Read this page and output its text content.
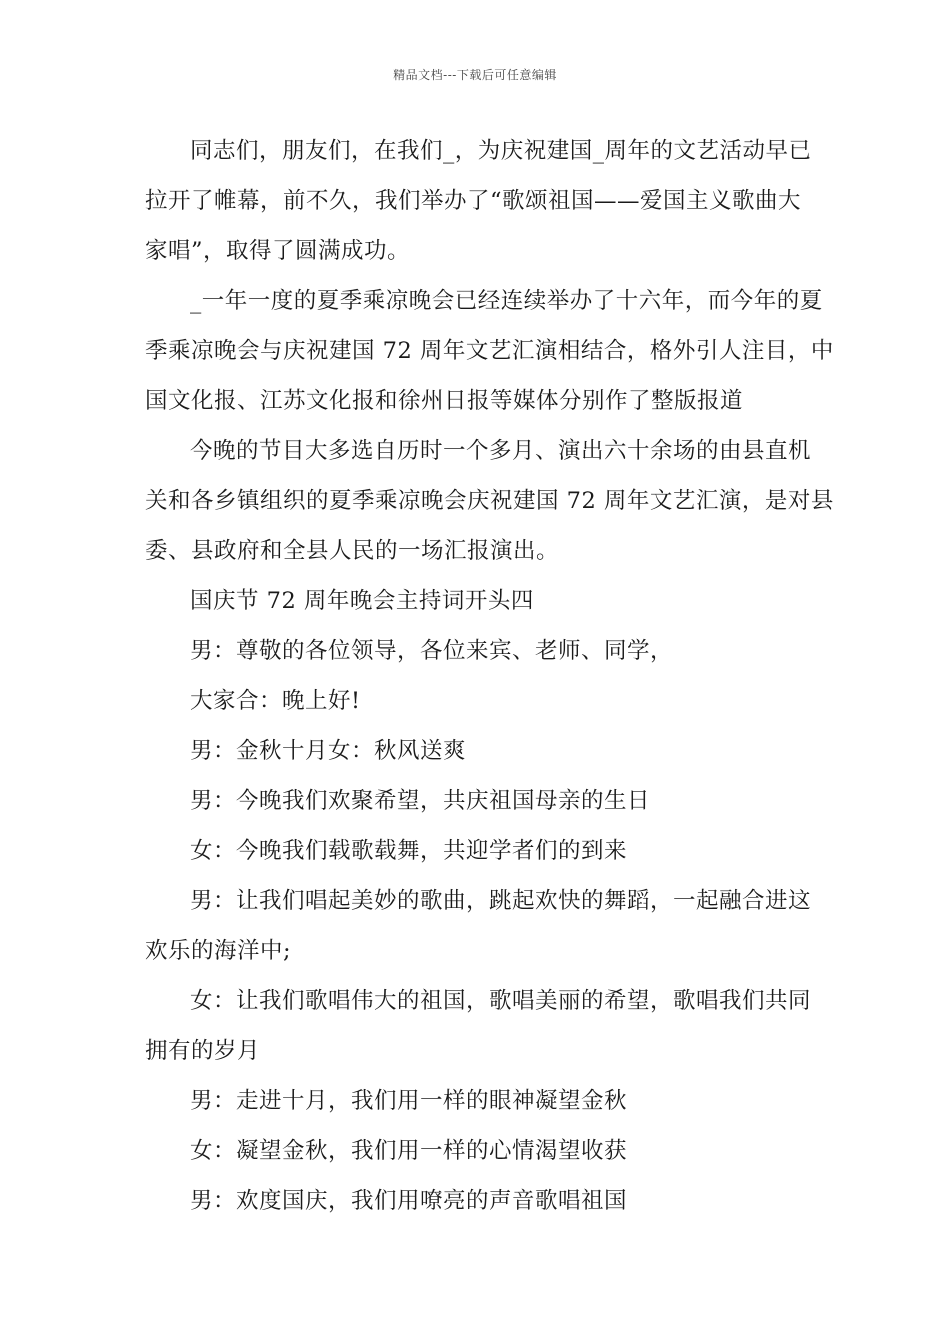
精品文档---下载后可任意编辑

同志们，朋友们，在我们_，为庆祝建国_周年的文艺活动早已
拉开了帷幕，前不久，我们举办了“歌颂祖国——爱国主义歌曲大
家唱”，取得了圆满成功。

_一年一度的夏季乘凉晚会已经连续举办了十六年，而今年的夏
季乘凉晚会与庆祝建国 72 周年文艺汇演相结合，格外引人注目，中
国文化报、江苏文化报和徐州日报等媒体分别作了整版报道

今晚的节目大多选自历时一个多月、演出六十余场的由县直机
关和各乡镇组织的夏季乘凉晚会庆祝建国 72 周年文艺汇演，是对县
委、县政府和全县人民的一场汇报演出。

国庆节 72 周年晚会主持词开头四

男：尊敬的各位领导，各位来宾、老师、同学，

大家合：晚上好!

男：金秋十月女：秋风送爽

男：今晚我们欢聚希望，共庆祖国母亲的生日

女：今晚我们载歌载舞，共迎学者们的到来

男：让我们唱起美妙的歌曲，跳起欢快的舞蹈，一起融合进这
欢乐的海洋中;

女：让我们歌唱伟大的祖国，歌唱美丽的希望，歌唱我们共同
拥有的岁月

男：走进十月，我们用一样的眼神凝望金秋

女：凝望金秋，我们用一样的心情渴望收获

男：欢度国庆，我们用嘹亮的声音歌唱祖国
